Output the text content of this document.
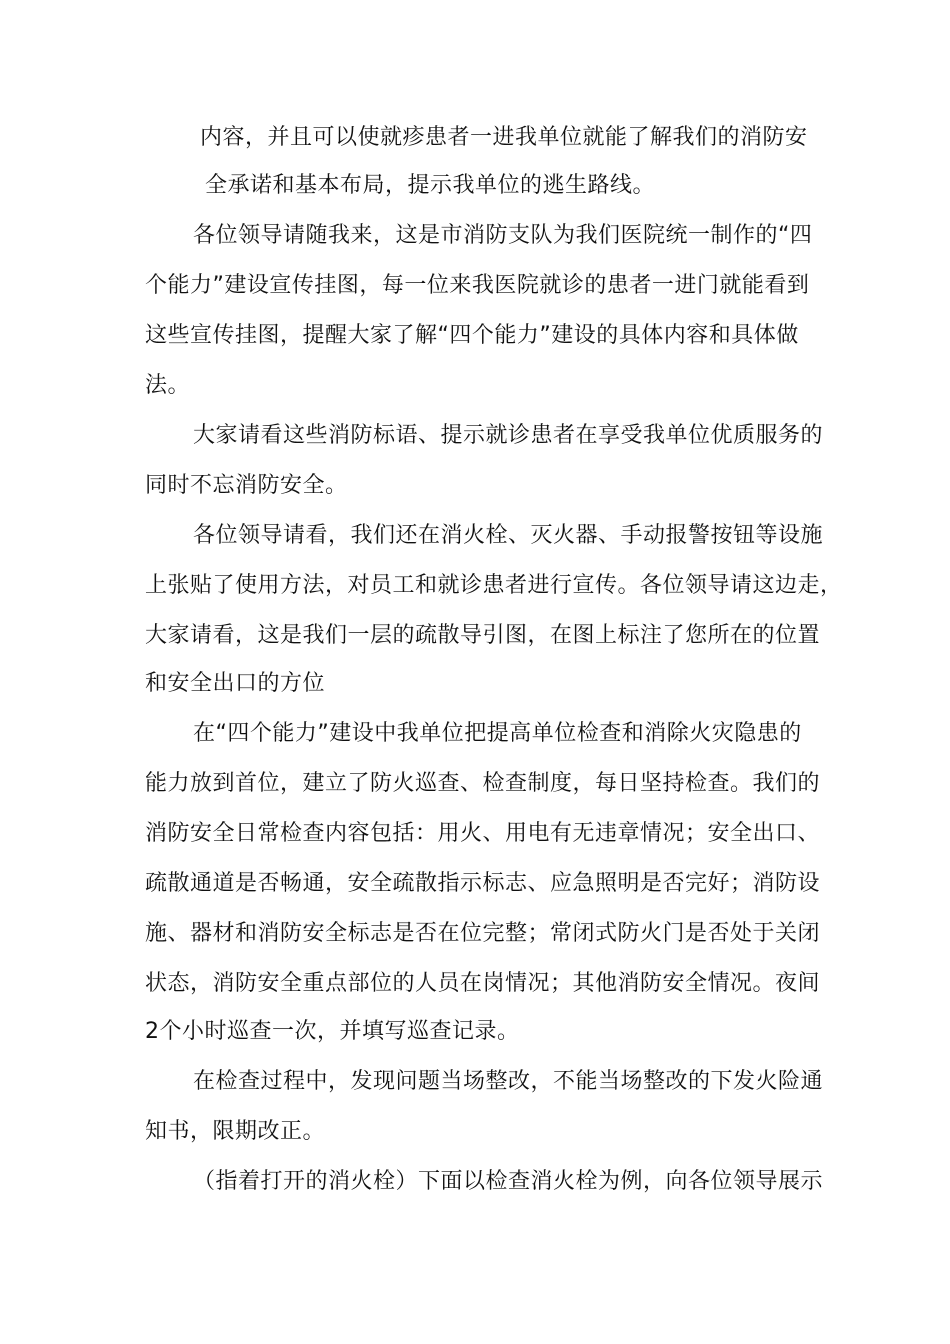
内容，并且可以使就疹患者一进我单位就能了解我们的消防安
全承诺和基本布局，提示我单位的逃生路线。
各位领导请随我来，这是市消防支队为我们医院统一制作的“四
个能力”建设宣传挂图，每一位来我医院就诊的患者一进门就能看到
这些宣传挂图，提醒大家了解“四个能力”建设的具体内容和具体做
法。
大家请看这些消防标语、提示就诊患者在享受我单位优质服务的
同时不忘消防安全。
各位领导请看，我们还在消火栓、灭火器、手动报警按钮等设施
上张贴了使用方法，对员工和就诊患者进行宣传。各位领导请这边走，
大家请看，这是我们一层的疏散导引图，在图上标注了您所在的位置
和安全出口的方位
在“四个能力”建设中我单位把提高单位检查和消除火灾隐患的
能力放到首位，建立了防火巡查、检查制度，每日坚持检查。我们的
消防安全日常检查内容包括：用火、用电有无违章情况；安全出口、
疏散通道是否畅通，安全疏散指示标志、应急照明是否完好；消防设
施、器材和消防安全标志是否在位完整；常闭式防火门是否处于关闭
状态，消防安全重点部位的人员在岗情况；其他消防安全情况。夜间
2个小时巡查一次，并填写巡查记录。
在检查过程中，发现问题当场整改，不能当场整改的下发火险通
知书，限期改正。
（指着打开的消火栓）下面以检查消火栓为例，向各位领导展示
